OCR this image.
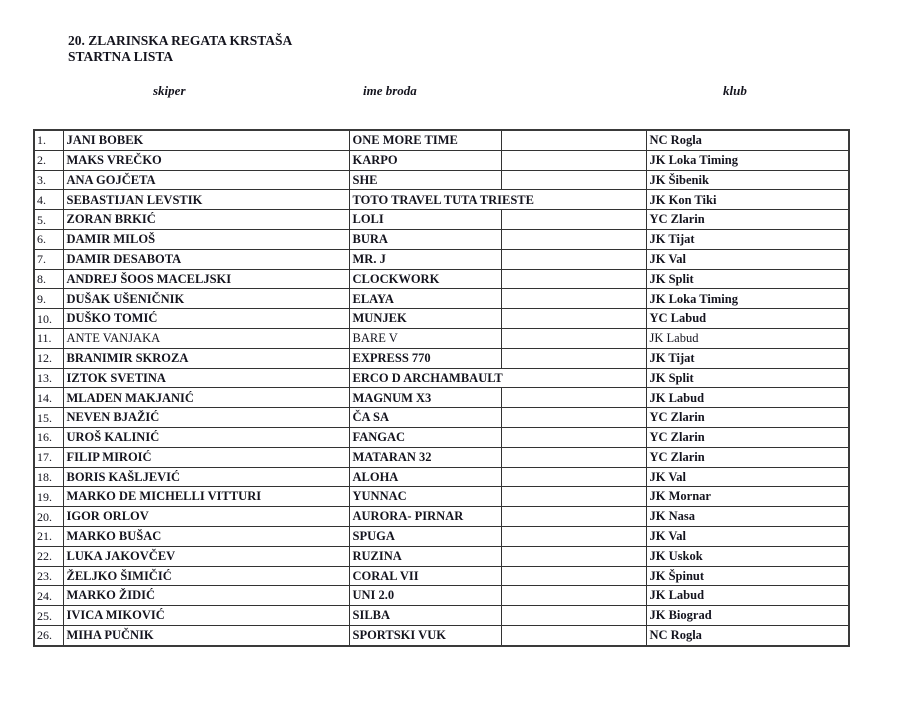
20. ZLARINSKA REGATA KRSTAŠA
STARTNA LISTA
skiper	ime broda	klub
1.	JANI BOBEK	ONE MORE TIME		NC Rogla
2.	MAKS VREČKO	KARPO		JK Loka Timing
3.	ANA GOJČETA	SHE		JK Šibenik
4.	SEBASTIJAN LEVSTIK	TOTO TRAVEL TUTA TRIESTE		JK Kon Tiki
5.	ZORAN BRKIĆ	LOLI		YC Zlarin
6.	DAMIR MILOŠ	BURA		JK Tijat
7.	DAMIR DESABOTA	MR. J		JK Val
8.	ANDREJ ŠOOS MACELJSKI	CLOCKWORK		JK Split
9.	DUŠAK UŠENIČNIK	ELAYA		JK Loka Timing
10.	DUŠKO TOMIĆ	MUNJEK		YC Labud
11.	ANTE VANJAKA	BARE V		JK Labud
12.	BRANIMIR SKROZA	EXPRESS 770		JK Tijat
13.	IZTOK SVETINA	ERCO D ARCHAMBAULT		JK Split
14.	MLADEN MAKJANIĆ	MAGNUM X3		JK Labud
15.	NEVEN BJAŽIĆ	ČA SA		YC Zlarin
16.	UROŠ KALINIĆ	FANGAC		YC Zlarin
17.	FILIP MIROIĆ	MATARAN 32		YC Zlarin
18.	BORIS KAŠLJEVIĆ	ALOHA		JK Val
19.	MARKO DE MICHELLI VITTURI	YUNNAC		JK Mornar
20.	IGOR ORLOV	AURORA- PIRNAR		JK Nasa
21.	MARKO BUŠAC	SPUGA		JK Val
22.	LUKA JAKOVČEV	RUZINA		JK Uskok
23.	ŽELJKO ŠIMIČIĆ	CORAL VII		JK Špinut
24.	MARKO ŽIDIĆ	UNI 2.0		JK Labud
25.	IVICA MIKOVIĆ	SILBA		JK Biograd
26.	MIHA PUČNIK	SPORTSKI VUK		NC Rogla
